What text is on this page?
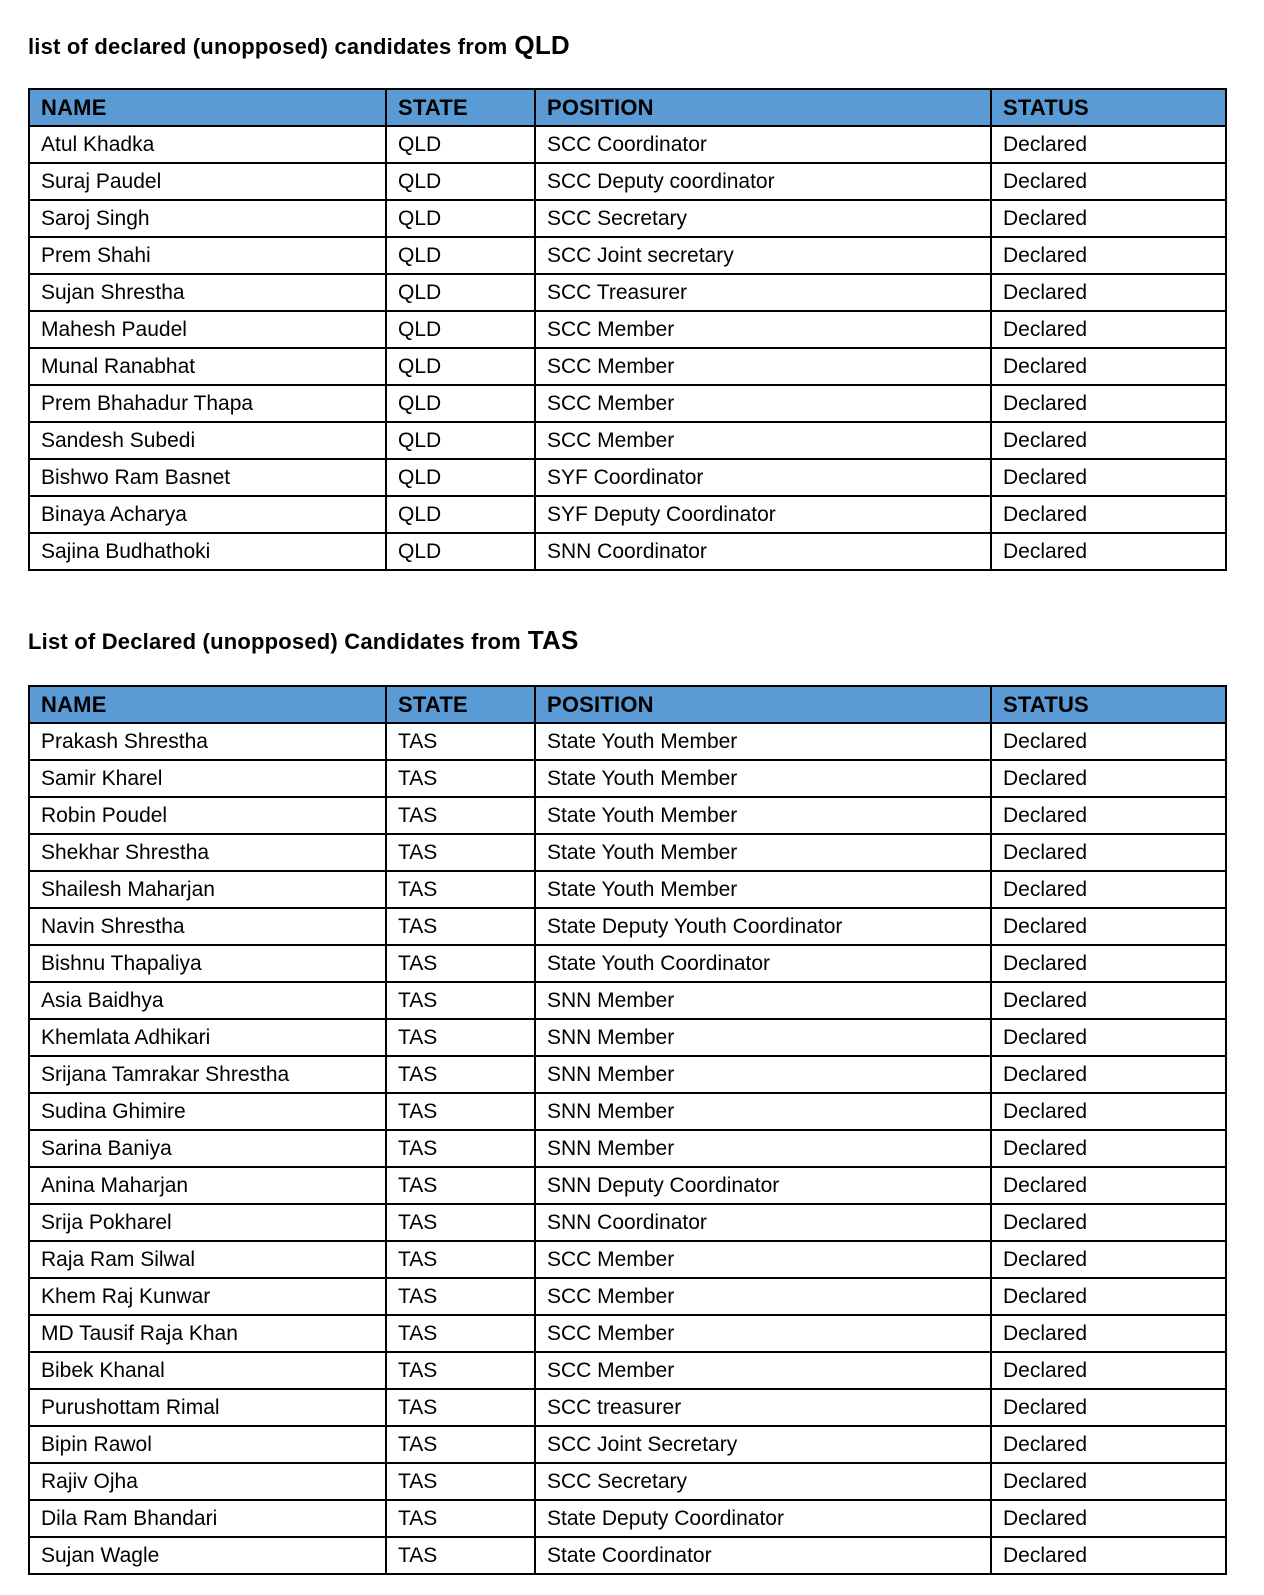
list of declared (unopposed) candidates from QLD
NAME	STATE	POSITION	STATUS
Atul Khadka	QLD	SCC Coordinator	Declared
Suraj Paudel	QLD	SCC Deputy coordinator	Declared
Saroj Singh	QLD	SCC Secretary	Declared
Prem Shahi	QLD	SCC Joint secretary	Declared
Sujan Shrestha	QLD	SCC Treasurer	Declared
Mahesh Paudel	QLD	SCC Member	Declared
Munal Ranabhat	QLD	SCC Member	Declared
Prem Bhahadur Thapa	QLD	SCC Member	Declared
Sandesh Subedi	QLD	SCC Member	Declared
Bishwo Ram Basnet	QLD	SYF Coordinator	Declared
Binaya Acharya	QLD	SYF Deputy Coordinator	Declared
Sajina Budhathoki	QLD	SNN Coordinator	Declared
List of Declared (unopposed) Candidates from TAS
NAME	STATE	POSITION	STATUS
Prakash Shrestha	TAS	State Youth Member	Declared
Samir Kharel	TAS	State Youth Member	Declared
Robin Poudel	TAS	State Youth Member	Declared
Shekhar Shrestha	TAS	State Youth Member	Declared
Shailesh Maharjan	TAS	State Youth Member	Declared
Navin Shrestha	TAS	State Deputy Youth Coordinator	Declared
Bishnu Thapaliya	TAS	State Youth Coordinator	Declared
Asia Baidhya	TAS	SNN Member	Declared
Khemlata Adhikari	TAS	SNN Member	Declared
Srijana Tamrakar Shrestha	TAS	SNN Member	Declared
Sudina Ghimire	TAS	SNN Member	Declared
Sarina Baniya	TAS	SNN Member	Declared
Anina Maharjan	TAS	SNN Deputy Coordinator	Declared
Srija Pokharel	TAS	SNN Coordinator	Declared
Raja Ram Silwal	TAS	SCC Member	Declared
Khem Raj Kunwar	TAS	SCC Member	Declared
MD Tausif Raja Khan	TAS	SCC Member	Declared
Bibek Khanal	TAS	SCC Member	Declared
Purushottam Rimal	TAS	SCC treasurer	Declared
Bipin Rawol	TAS	SCC Joint Secretary	Declared
Rajiv Ojha	TAS	SCC Secretary	Declared
Dila Ram Bhandari	TAS	State Deputy Coordinator	Declared
Sujan Wagle	TAS	State Coordinator	Declared
